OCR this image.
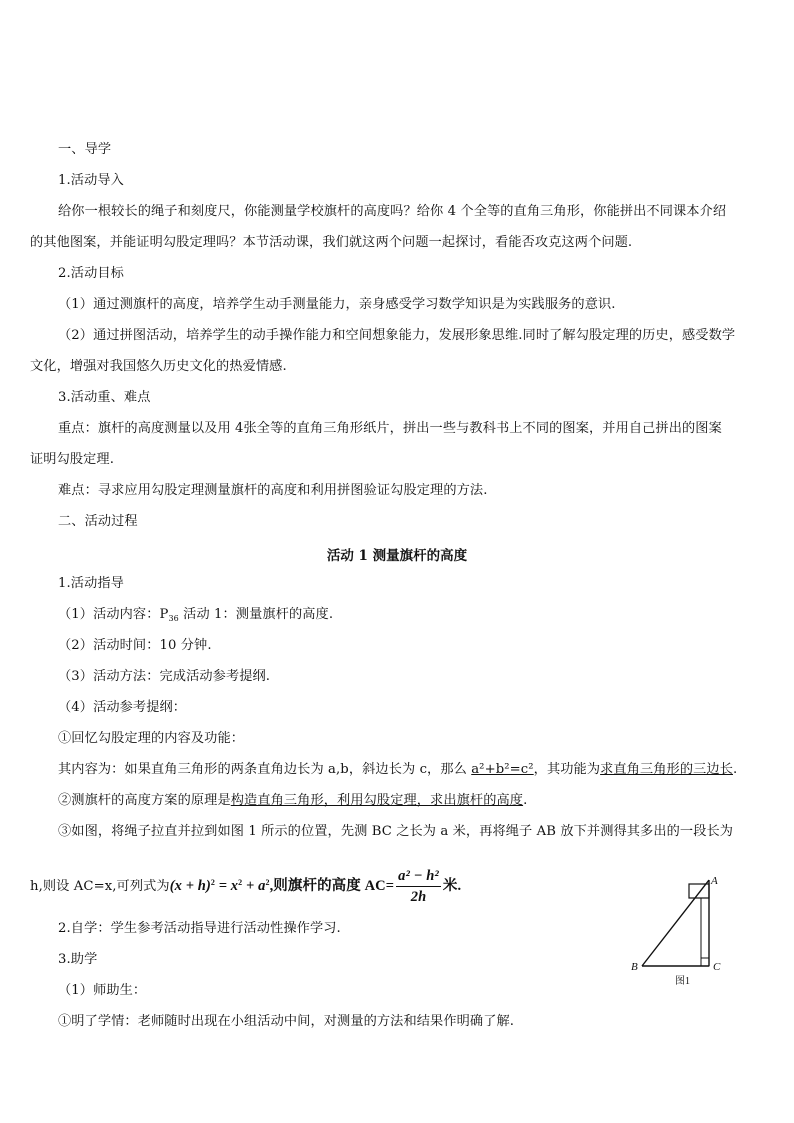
一、导学
1.活动导入
给你一根较长的绳子和刻度尺，你能测量学校旗杆的高度吗？给你 4 个全等的直角三角形，你能拼出不同课本介绍
的其他图案，并能证明勾股定理吗？本节活动课，我们就这两个问题一起探讨，看能否攻克这两个问题.
2.活动目标
（1）通过测旗杆的高度，培养学生动手测量能力，亲身感受学习数学知识是为实践服务的意识.
（2）通过拼图活动，培养学生的动手操作能力和空间想象能力，发展形象思维.同时了解勾股定理的历史，感受数学
文化，增强对我国悠久历史文化的热爱情感.
3.活动重、难点
重点：旗杆的高度测量以及用 4张全等的直角三角形纸片，拼出一些与教科书上不同的图案，并用自己拼出的图案
证明勾股定理.
难点：寻求应用勾股定理测量旗杆的高度和利用拼图验证勾股定理的方法.
二、活动过程
活动 1 测量旗杆的高度
1.活动指导
（1）活动内容：$P_{36}$ 活动 1：测量旗杆的高度.
（2）活动时间：10 分钟.
（3）活动方法：完成活动参考提纲.
（4）活动参考提纲：
①回忆勾股定理的内容及功能：
其内容为：如果直角三角形的两条直角边长为 a,b，斜边长为 c，那么 a²+b²=c²，其功能为求直角三角形的三边长.
②测旗杆的高度方案的原理是构造直角三角形，利用勾股定理，求出旗杆的高度.
③如图，将绳子拉直并拉到如图 1 所示的位置，先测 BC 之长为 a 米，再将绳子 AB 放下并测得其多出的一段长为
h,则设 AC=x,可列式为$(x + h)^2 = x^2 + a^2$,则旗杆的高度 $AC= \frac{\text{a² − h²}}{2h}$ 米.
2.自学：学生参考活动指导进行活动性操作学习.
3.助学
（1）师助生：
①明了学情：老师随时出现在小组活动中间，对测量的方法和结果作明确了解.
A
B	C
图1
